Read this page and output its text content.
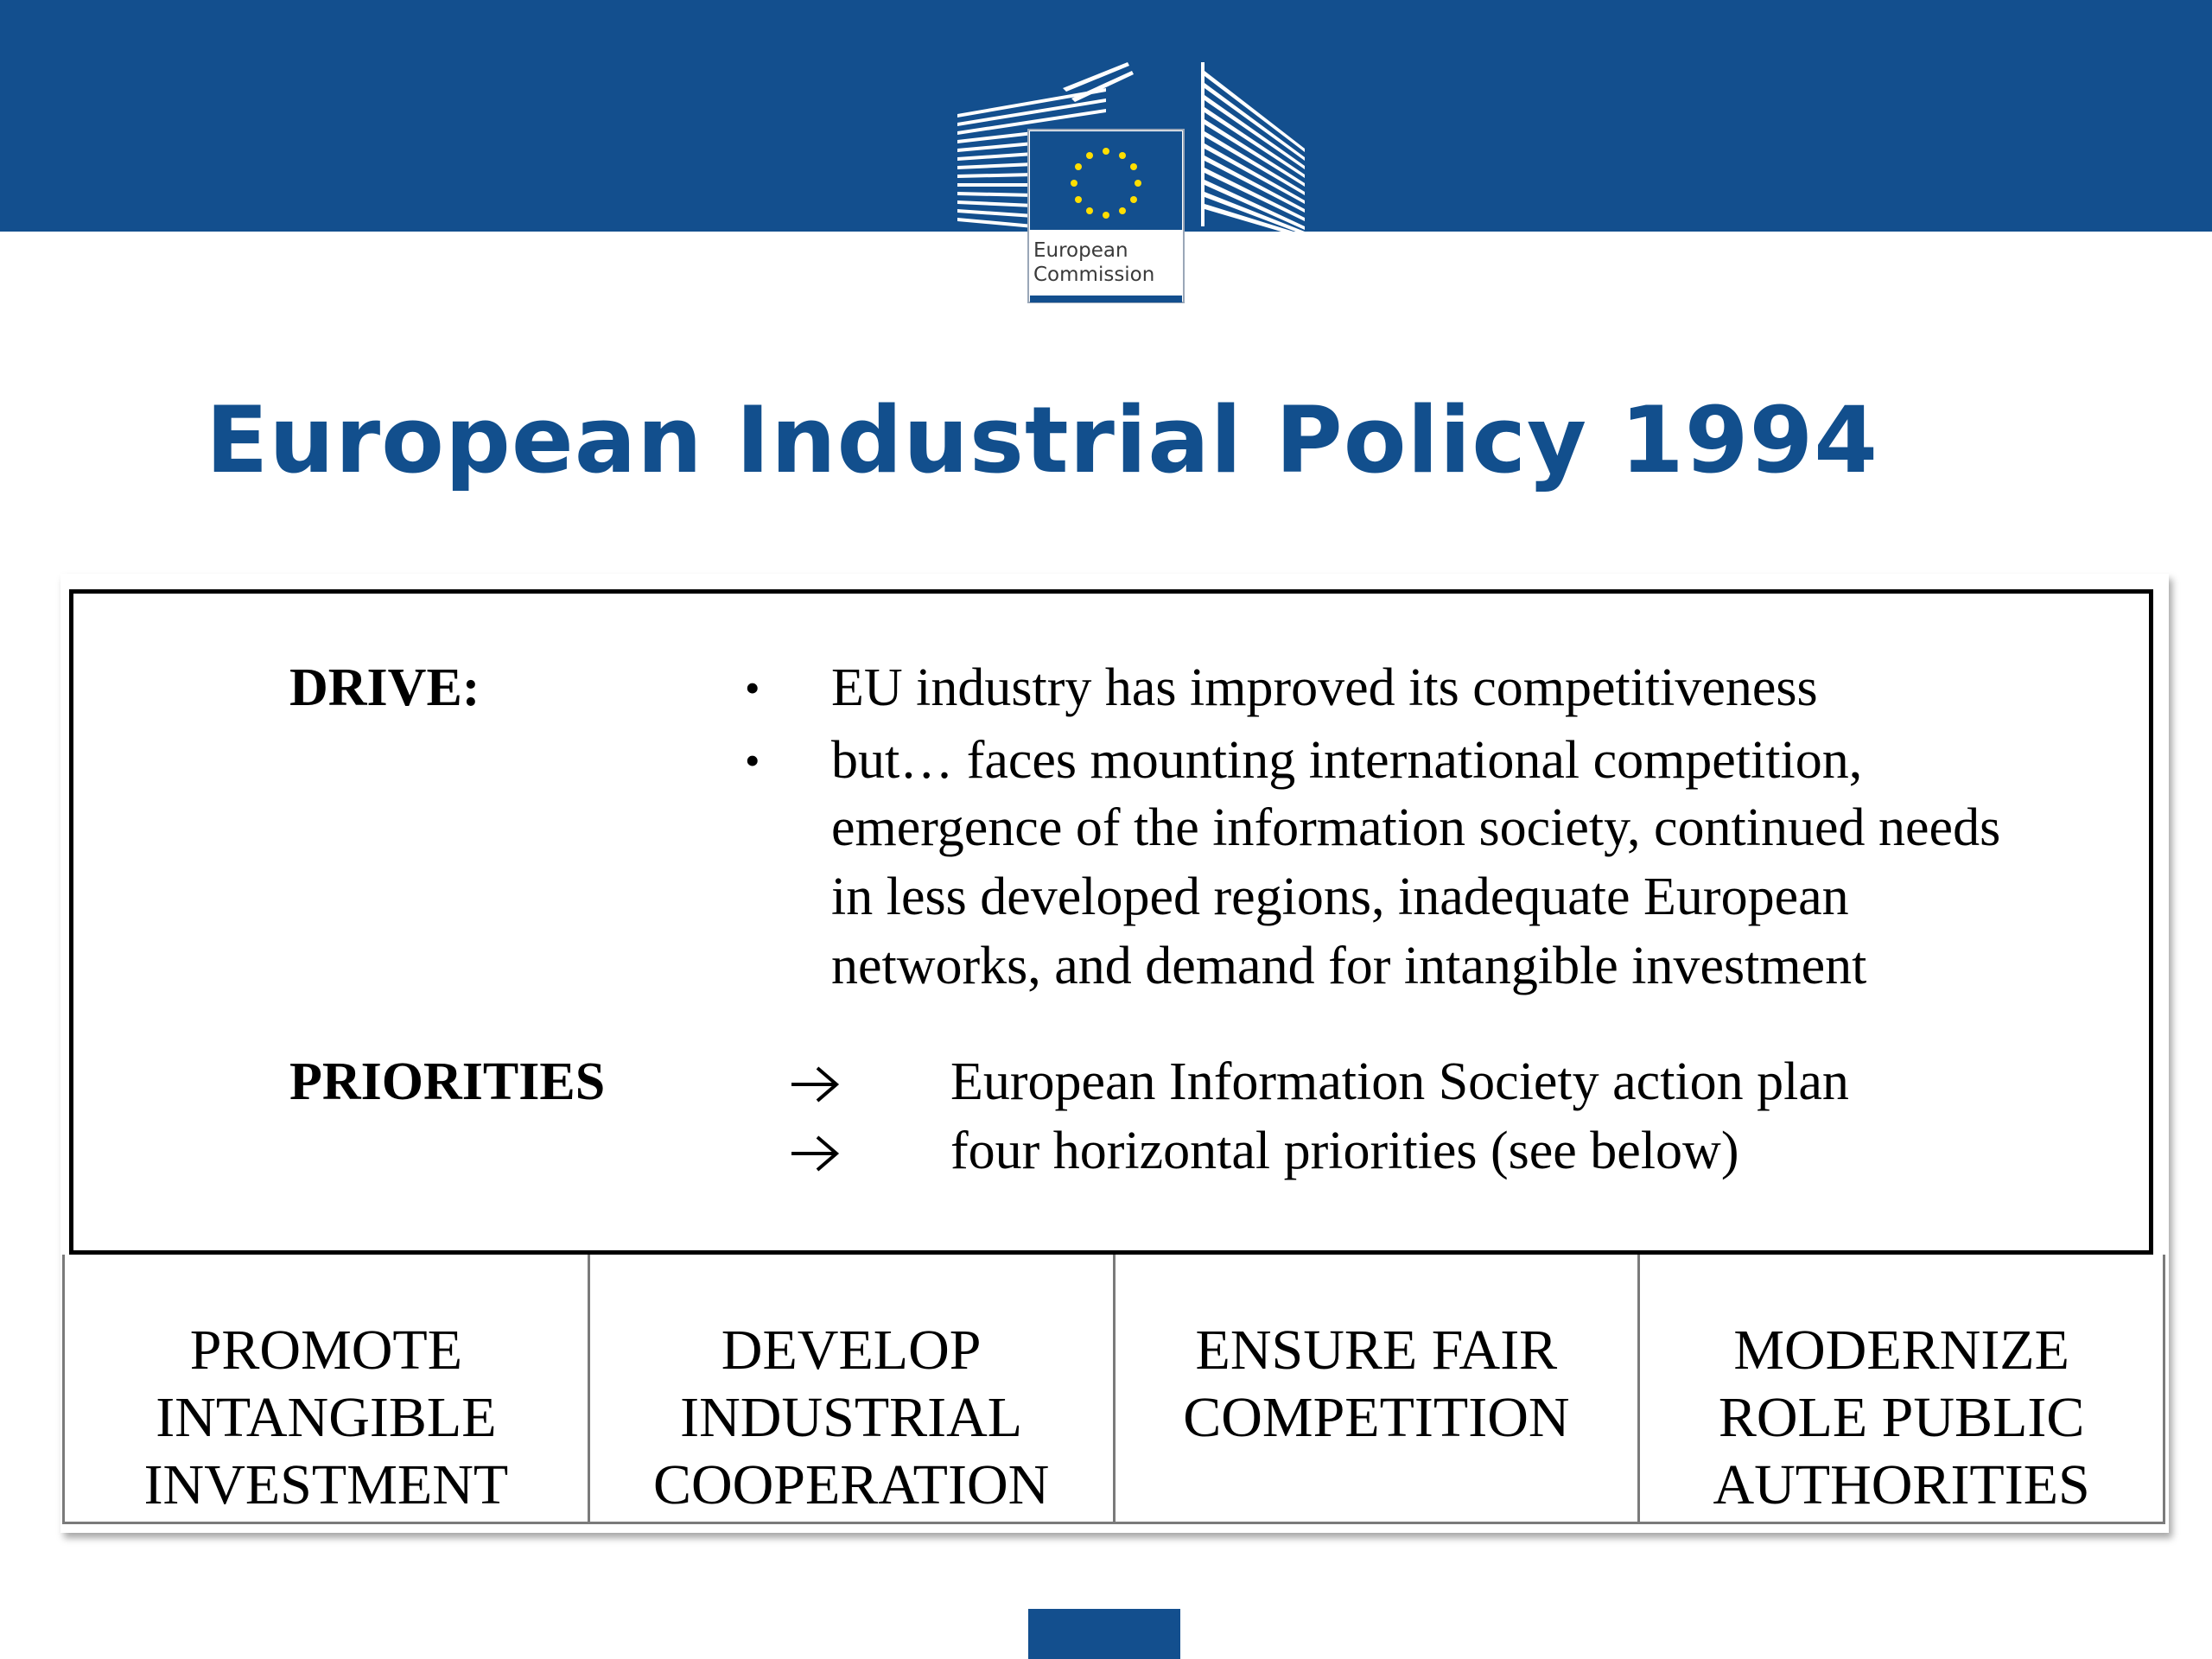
European
Commission
European Industrial Policy 1994
DRIVE:	• EU industry has improved its competitiveness
• but… faces mounting international competition,
emergence of the information society, continued needs
in less developed regions, inadequate European
networks, and demand for intangible investment
PRIORITIES	European Information Society action plan
four horizontal priorities (see below)
PROMOTE
INTANGIBLE
INVESTMENT
DEVELOP
INDUSTRIAL
COOPERATION
ENSURE FAIR
COMPETITION
MODERNIZE
ROLE PUBLIC
AUTHORITIES
